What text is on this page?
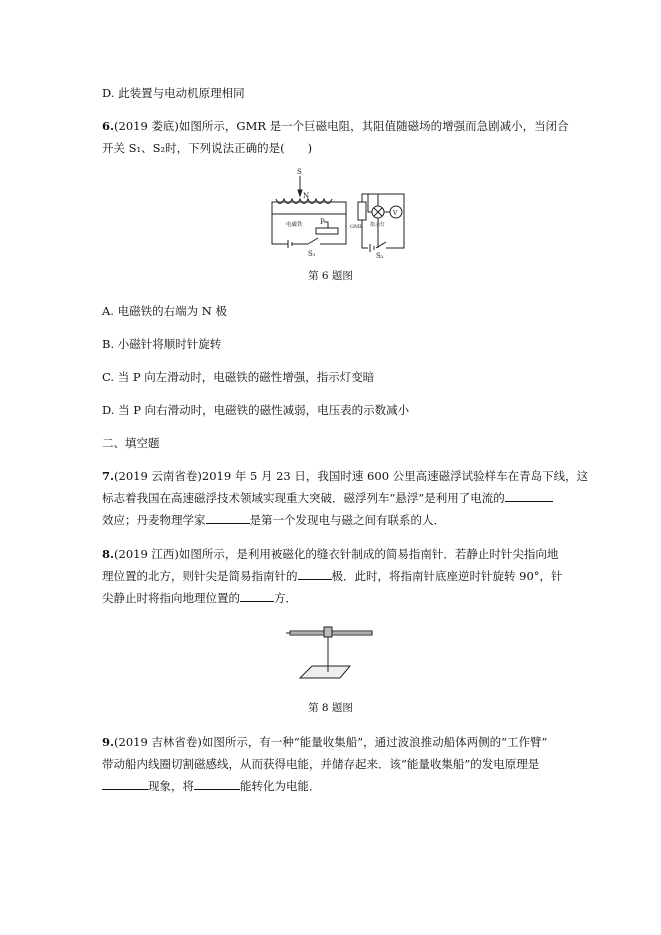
D. 此装置与电动机原理相同
6.(2019 娄底)如图所示，GMR 是一个巨磁电阻，其阻值随磁场的增强而急剧减小，当闭合
开关 S₁、S₂时，下列说法正确的是(　　)
S
N
电磁铁 P
S₁
GMR 指示灯
S₂
V
第 6 题图
A. 电磁铁的右端为 N 极
B. 小磁针将顺时针旋转
C. 当 P 向左滑动时，电磁铁的磁性增强，指示灯变暗
D. 当 P 向右滑动时，电磁铁的磁性减弱，电压表的示数减小
二、填空题
7.(2019 云南省卷)2019 年 5 月 23 日，我国时速 600 公里高速磁浮试验样车在青岛下线，这
标志着我国在高速磁浮技术领域实现重大突破．磁浮列车“悬浮”是利用了电流的
效应；丹麦物理学家	是第一个发现电与磁之间有联系的人．
8.(2019 江西)如图所示，是利用被磁化的缝衣针制成的简易指南针．若静止时针尖指向地
理位置的北方，则针尖是简易指南针的	极．此时，将指南针底座逆时针旋转 90°，针
尖静止时将指向地理位置的	方．
第 8 题图
9.(2019 吉林省卷)如图所示，有一种“能量收集船”，通过波浪推动船体两侧的“工作臂”
带动船内线圈切割磁感线，从而获得电能，并储存起来．该“能量收集船”的发电原理是
现象，将	能转化为电能．
